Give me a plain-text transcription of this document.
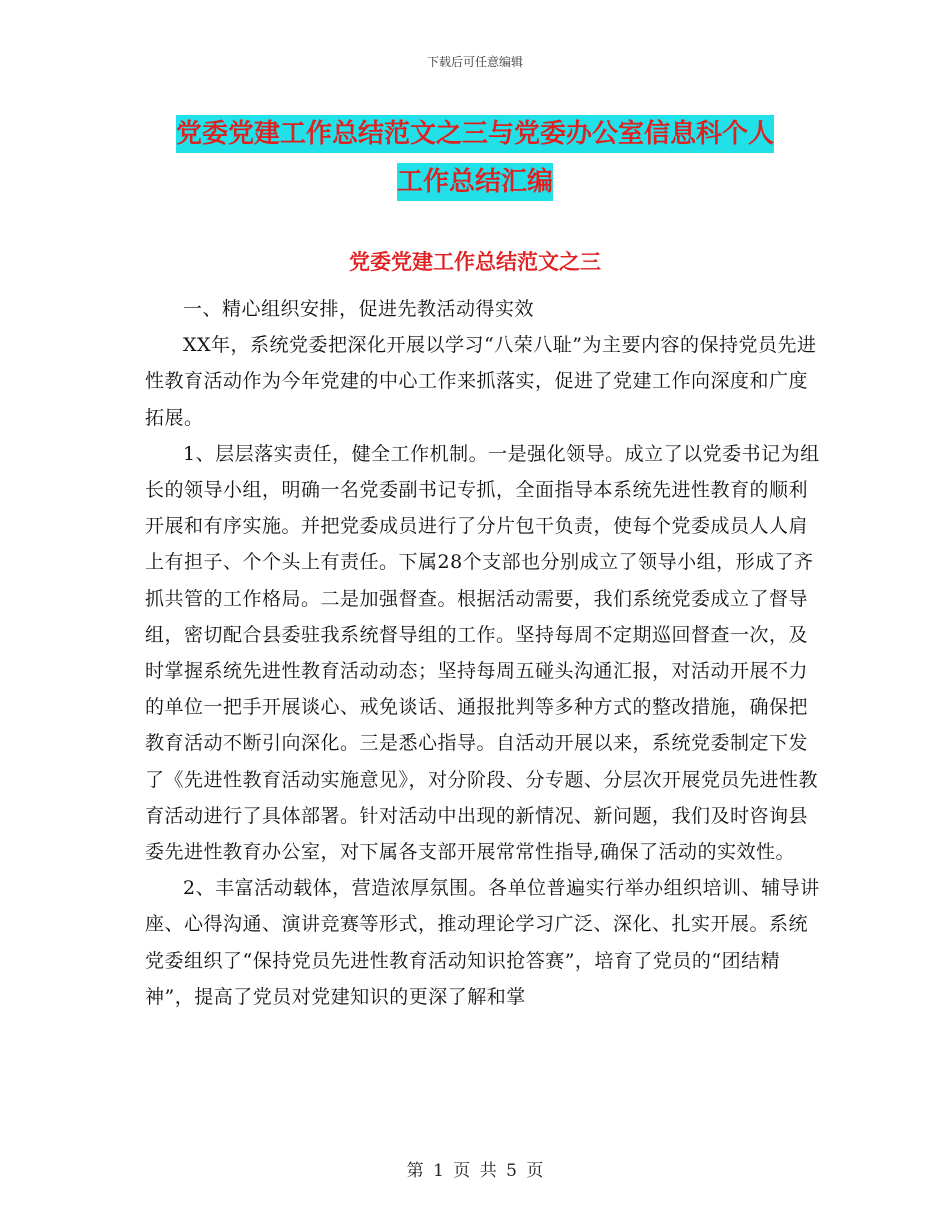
下载后可任意编辑
党委党建工作总结范文之三与党委办公室信息科个人
工作总结汇编
党委党建工作总结范文之三

一、精心组织安排，促进先教活动得实效

XX年，系统党委把深化开展以学习“八荣八耻”为主要内容的保持党员先进性教育活动作为今年党建的中心工作来抓落实，促进了党建工作向深度和广度拓展。

1、层层落实责任，健全工作机制。一是强化领导。成立了以党委书记为组长的领导小组，明确一名党委副书记专抓，全面指导本系统先进性教育的顺利开展和有序实施。并把党委成员进行了分片包干负责，使每个党委成员人人肩上有担子、个个头上有责任。下属28个支部也分别成立了领导小组，形成了齐抓共管的工作格局。二是加强督查。根据活动需要，我们系统党委成立了督导组，密切配合县委驻我系统督导组的工作。坚持每周不定期巡回督查一次，及时掌握系统先进性教育活动动态；坚持每周五碰头沟通汇报，对活动开展不力的单位一把手开展谈心、戒免谈话、通报批判等多种方式的整改措施，确保把教育活动不断引向深化。三是悉心指导。自活动开展以来，系统党委制定下发了《先进性教育活动实施意见》，对分阶段、分专题、分层次开展党员先进性教育活动进行了具体部署。针对活动中出现的新情况、新问题，我们及时咨询县委先进性教育办公室，对下属各支部开展常常性指导,确保了活动的实效性。

2、丰富活动载体，营造浓厚氛围。各单位普遍实行举办组织培训、辅导讲座、心得沟通、演讲竞赛等形式，推动理论学习广泛、深化、扎实开展。系统党委组织了“保持党员先进性教育活动知识抢答赛”，培育了党员的“团结精神”，提高了党员对党建知识的更深了解和掌

第 1 页 共 5 页
